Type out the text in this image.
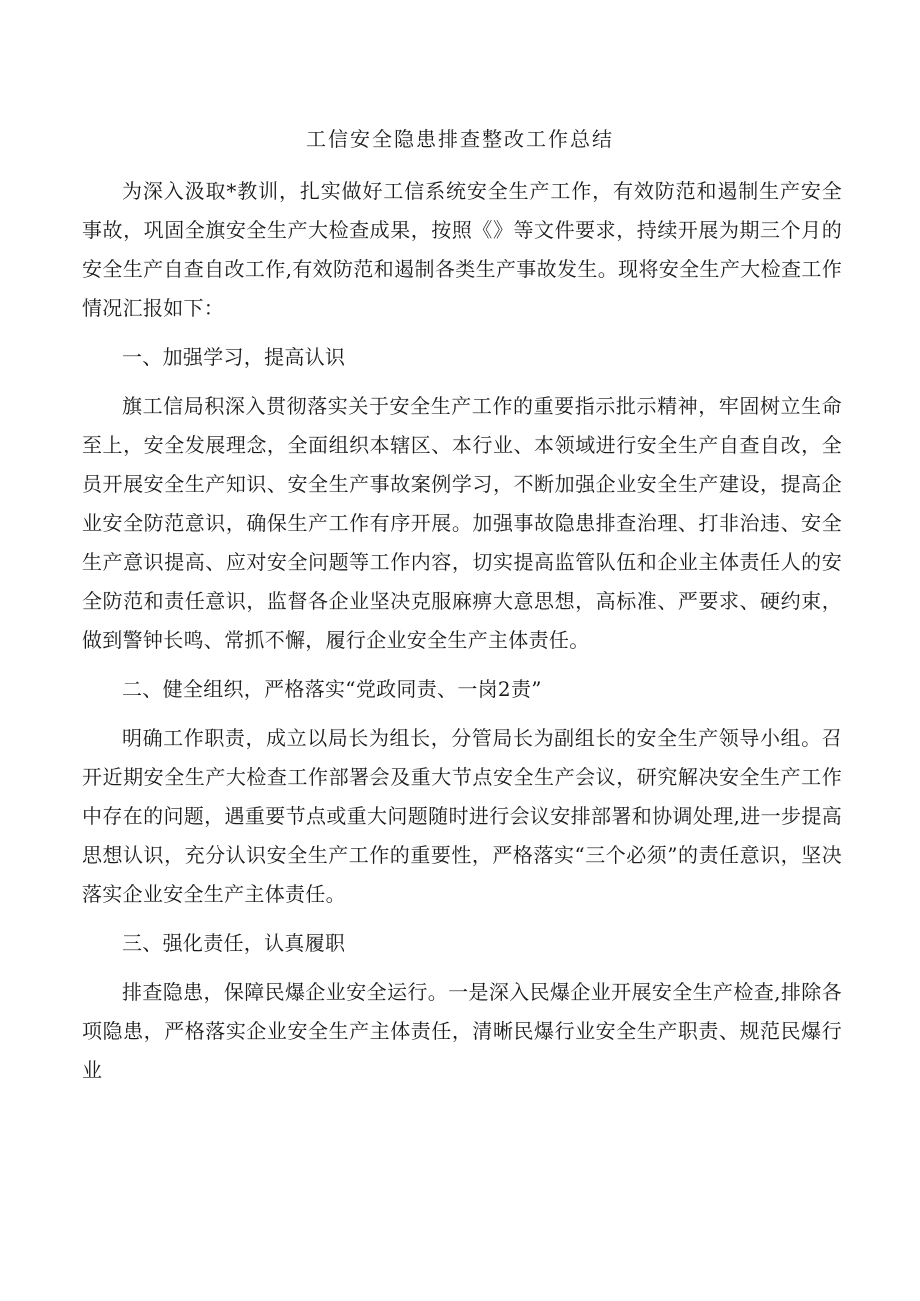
工信安全隐患排查整改工作总结

为深入汲取*教训，扎实做好工信系统安全生产工作，有效防范和遏制生产安全事故，巩固全旗安全生产大检查成果，按照《》等文件要求，持续开展为期三个月的安全生产自查自改工作,有效防范和遏制各类生产事故发生。现将安全生产大检查工作情况汇报如下：

一、加强学习，提高认识

旗工信局积深入贯彻落实关于安全生产工作的重要指示批示精神，牢固树立生命至上，安全发展理念，全面组织本辖区、本行业、本领域进行安全生产自查自改，全员开展安全生产知识、安全生产事故案例学习，不断加强企业安全生产建设，提高企业安全防范意识，确保生产工作有序开展。加强事故隐患排查治理、打非治违、安全生产意识提高、应对安全问题等工作内容，切实提高监管队伍和企业主体责任人的安全防范和责任意识，监督各企业坚决克服麻痹大意思想，高标准、严要求、硬约束，做到警钟长鸣、常抓不懈，履行企业安全生产主体责任。

二、健全组织，严格落实“党政同责、一岗2责”

明确工作职责，成立以局长为组长，分管局长为副组长的安全生产领导小组。召开近期安全生产大检查工作部署会及重大节点安全生产会议，研究解决安全生产工作中存在的问题，遇重要节点或重大问题随时进行会议安排部署和协调处理,进一步提高思想认识，充分认识安全生产工作的重要性，严格落实“三个必须”的责任意识，坚决落实企业安全生产主体责任。

三、强化责任，认真履职

排查隐患，保障民爆企业安全运行。一是深入民爆企业开展安全生产检查,排除各项隐患，严格落实企业安全生产主体责任，清晰民爆行业安全生产职责、规范民爆行业
